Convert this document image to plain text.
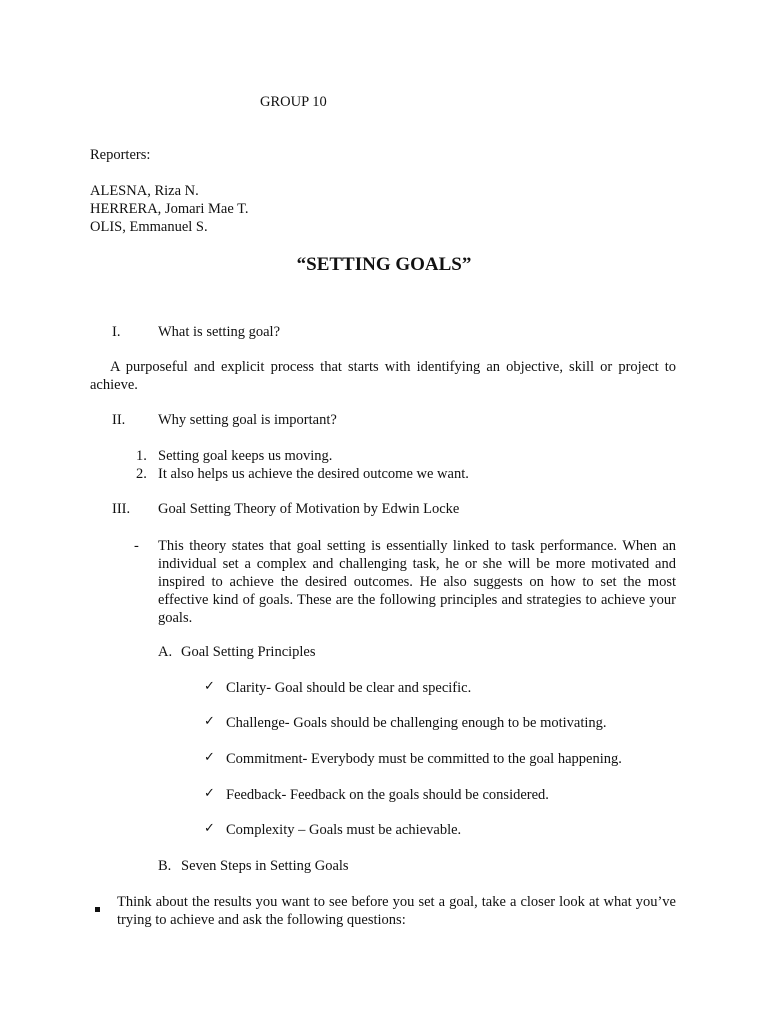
GROUP 10
Reporters:
ALESNA, Riza N.
HERRERA, Jomari Mae T.
OLIS, Emmanuel S.
“SETTING GOALS”
I.	What is setting goal?
A purposeful and explicit process that starts with identifying an objective, skill or project to achieve.
II. Why setting goal is important?
1. Setting goal keeps us moving.
2. It also helps us achieve the desired outcome we want.
III. Goal Setting Theory of Motivation by Edwin Locke
- This theory states that goal setting is essentially linked to task performance. When an individual set a complex and challenging task, he or she will be more motivated and inspired to achieve the desired outcomes. He also suggests on how to set the most effective kind of goals. These are the following principles and strategies to achieve your goals.
A. Goal Setting Principles
✓ Clarity- Goal should be clear and specific.
✓ Challenge- Goals should be challenging enough to be motivating.
✓ Commitment- Everybody must be committed to the goal happening.
✓ Feedback- Feedback on the goals should be considered.
✓ Complexity – Goals must be achievable.
B. Seven Steps in Setting Goals
Think about the results you want to see before you set a goal, take a closer look at what you’ve trying to achieve and ask the following questions:
